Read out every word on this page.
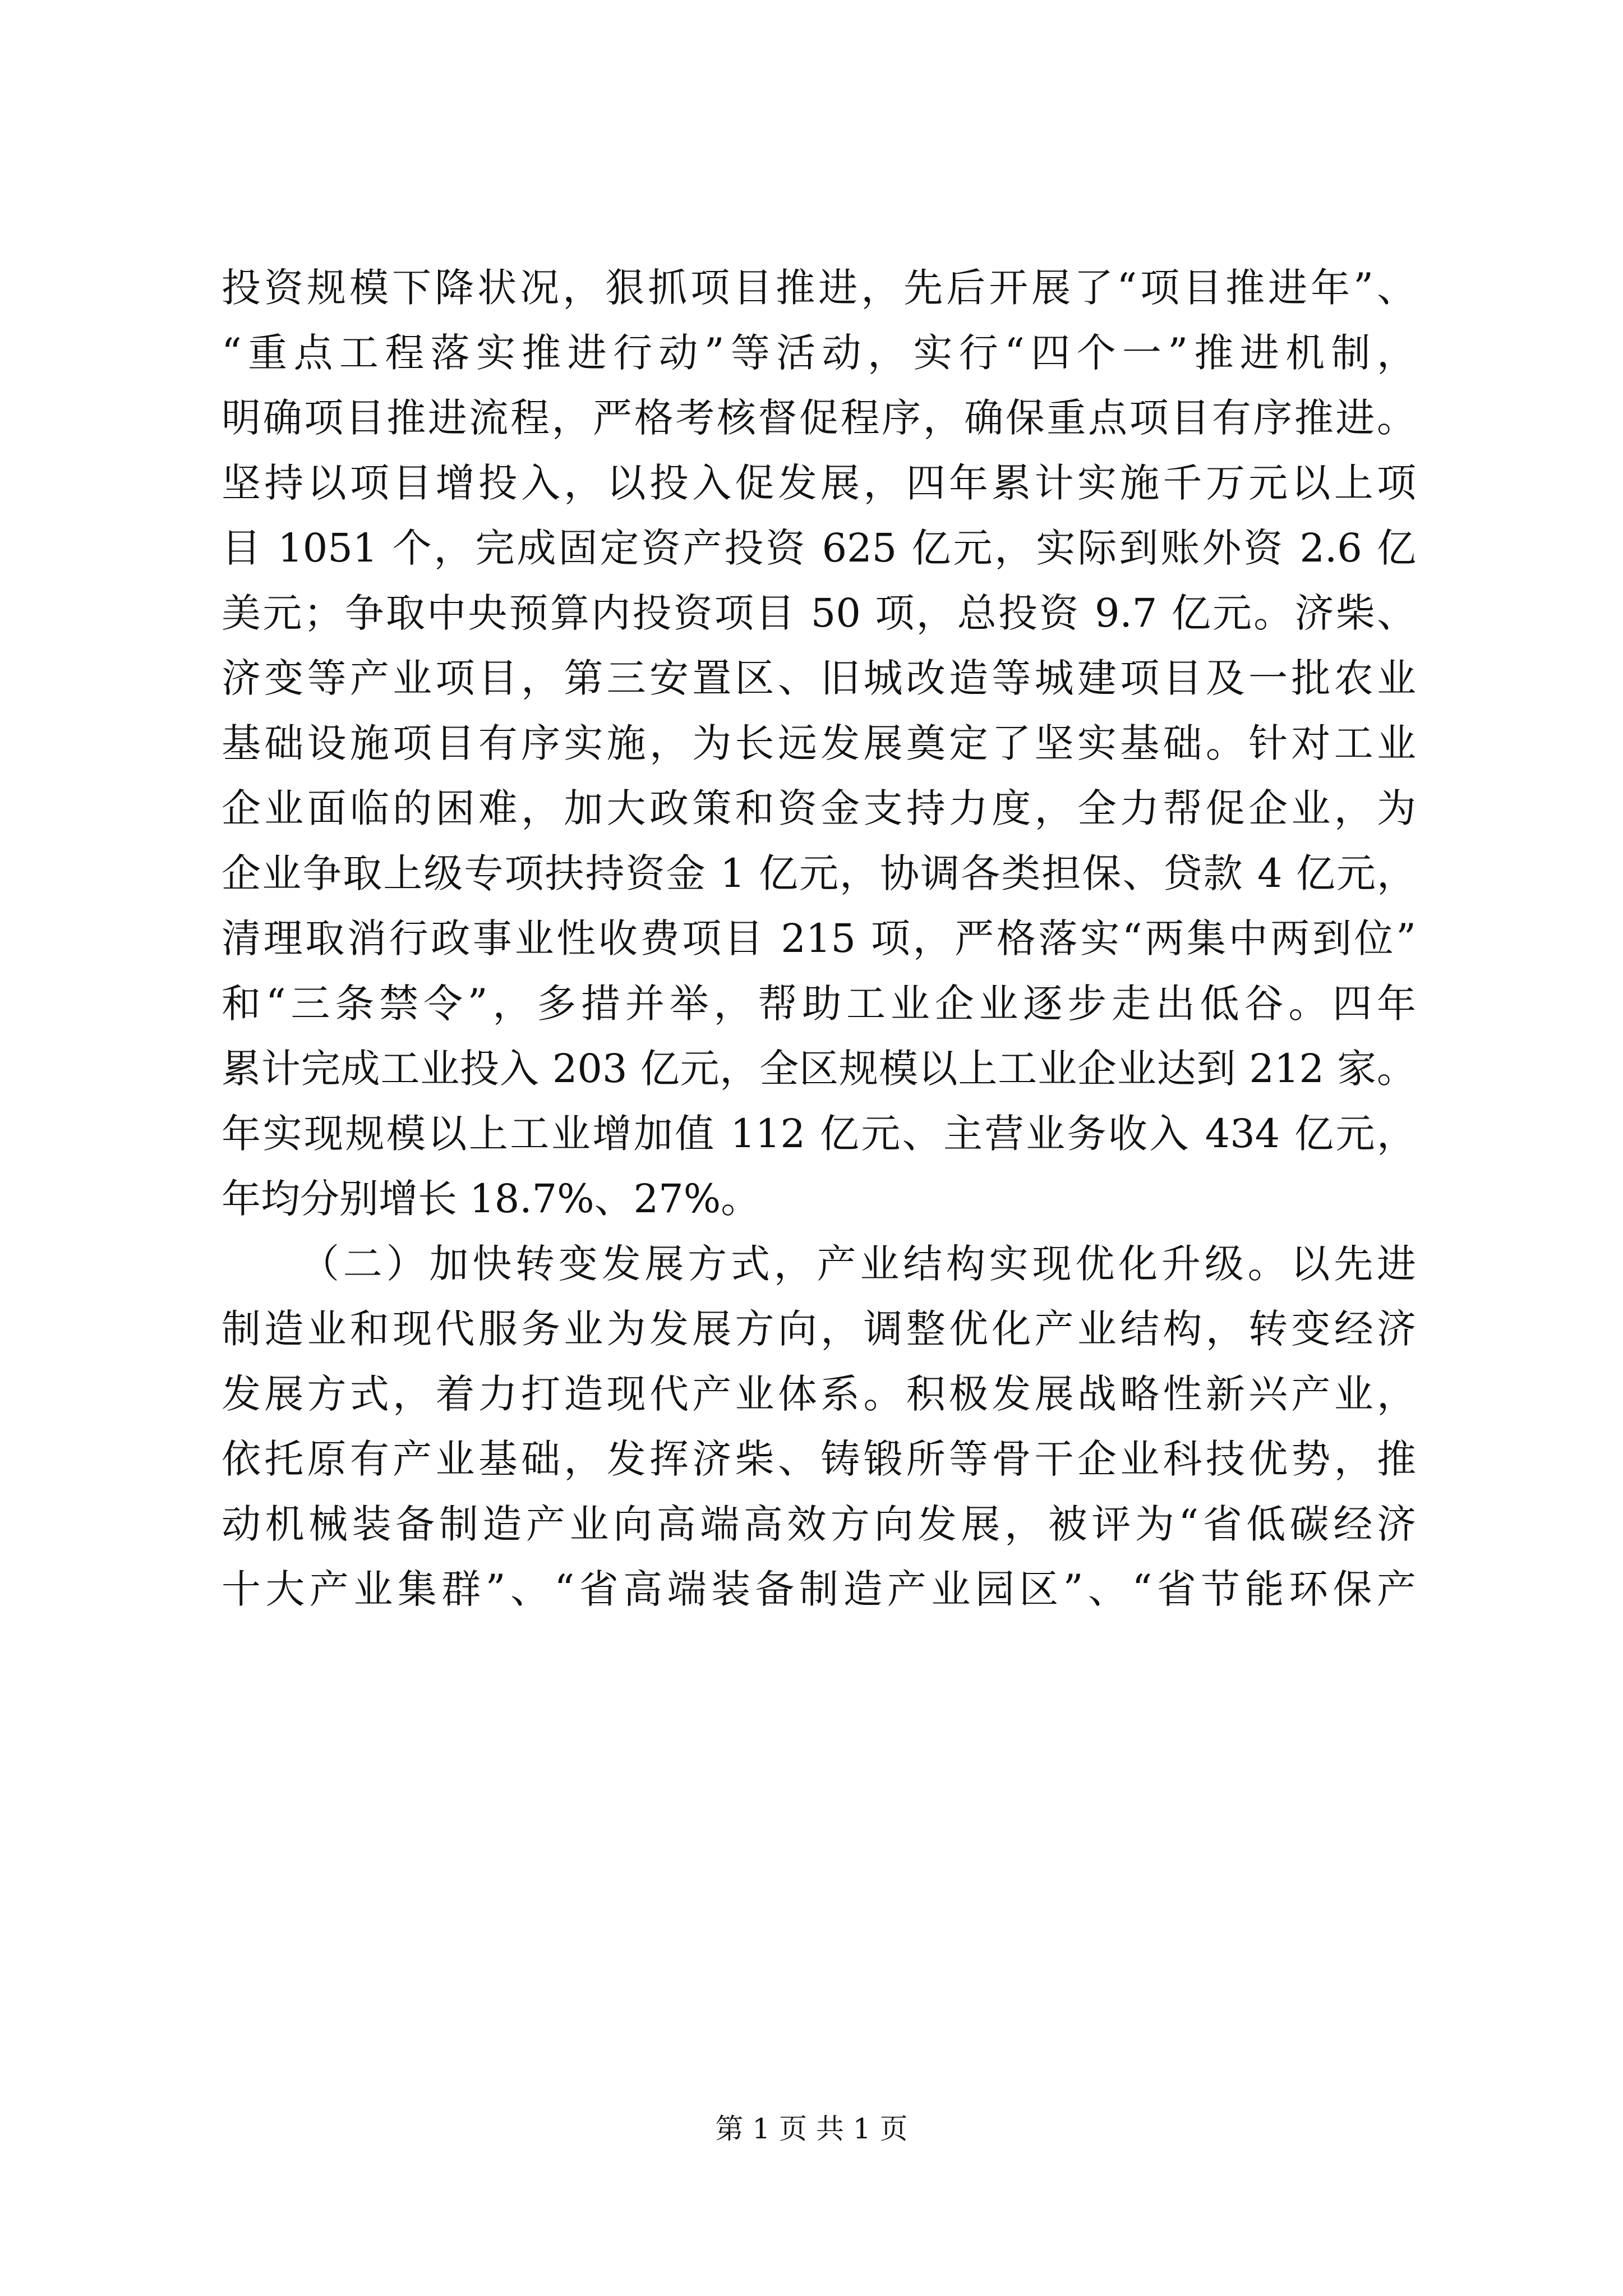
投资规模下降状况，狠抓项目推进，先后开展了“项目推进年”、
“重点工程落实推进行动”等活动，实行“四个一”推进机制，
明确项目推进流程，严格考核督促程序，确保重点项目有序推进。
坚持以项目增投入，以投入促发展，四年累计实施千万元以上项
目 1051 个，完成固定资产投资 625 亿元，实际到账外资 2.6 亿
美元；争取中央预算内投资项目 50 项，总投资 9.7 亿元。济柴、
济变等产业项目，第三安置区、旧城改造等城建项目及一批农业
基础设施项目有序实施，为长远发展奠定了坚实基础。针对工业
企业面临的困难，加大政策和资金支持力度，全力帮促企业，为
企业争取上级专项扶持资金 1 亿元，协调各类担保、贷款 4 亿元，
清理取消行政事业性收费项目 215 项，严格落实“两集中两到位”
和“三条禁令”，多措并举，帮助工业企业逐步走出低谷。四年
累计完成工业投入 203 亿元，全区规模以上工业企业达到 212 家。
年实现规模以上工业增加值 112 亿元、主营业务收入 434 亿元，
年均分别增长 18.7%、27%。
（二）加快转变发展方式，产业结构实现优化升级。以先进
制造业和现代服务业为发展方向，调整优化产业结构，转变经济
发展方式，着力打造现代产业体系。积极发展战略性新兴产业，
依托原有产业基础，发挥济柴、铸锻所等骨干企业科技优势，推
动机械装备制造产业向高端高效方向发展，被评为“省低碳经济
十大产业集群”、“省高端装备制造产业园区”、“省节能环保产
第 1 页 共 1 页
